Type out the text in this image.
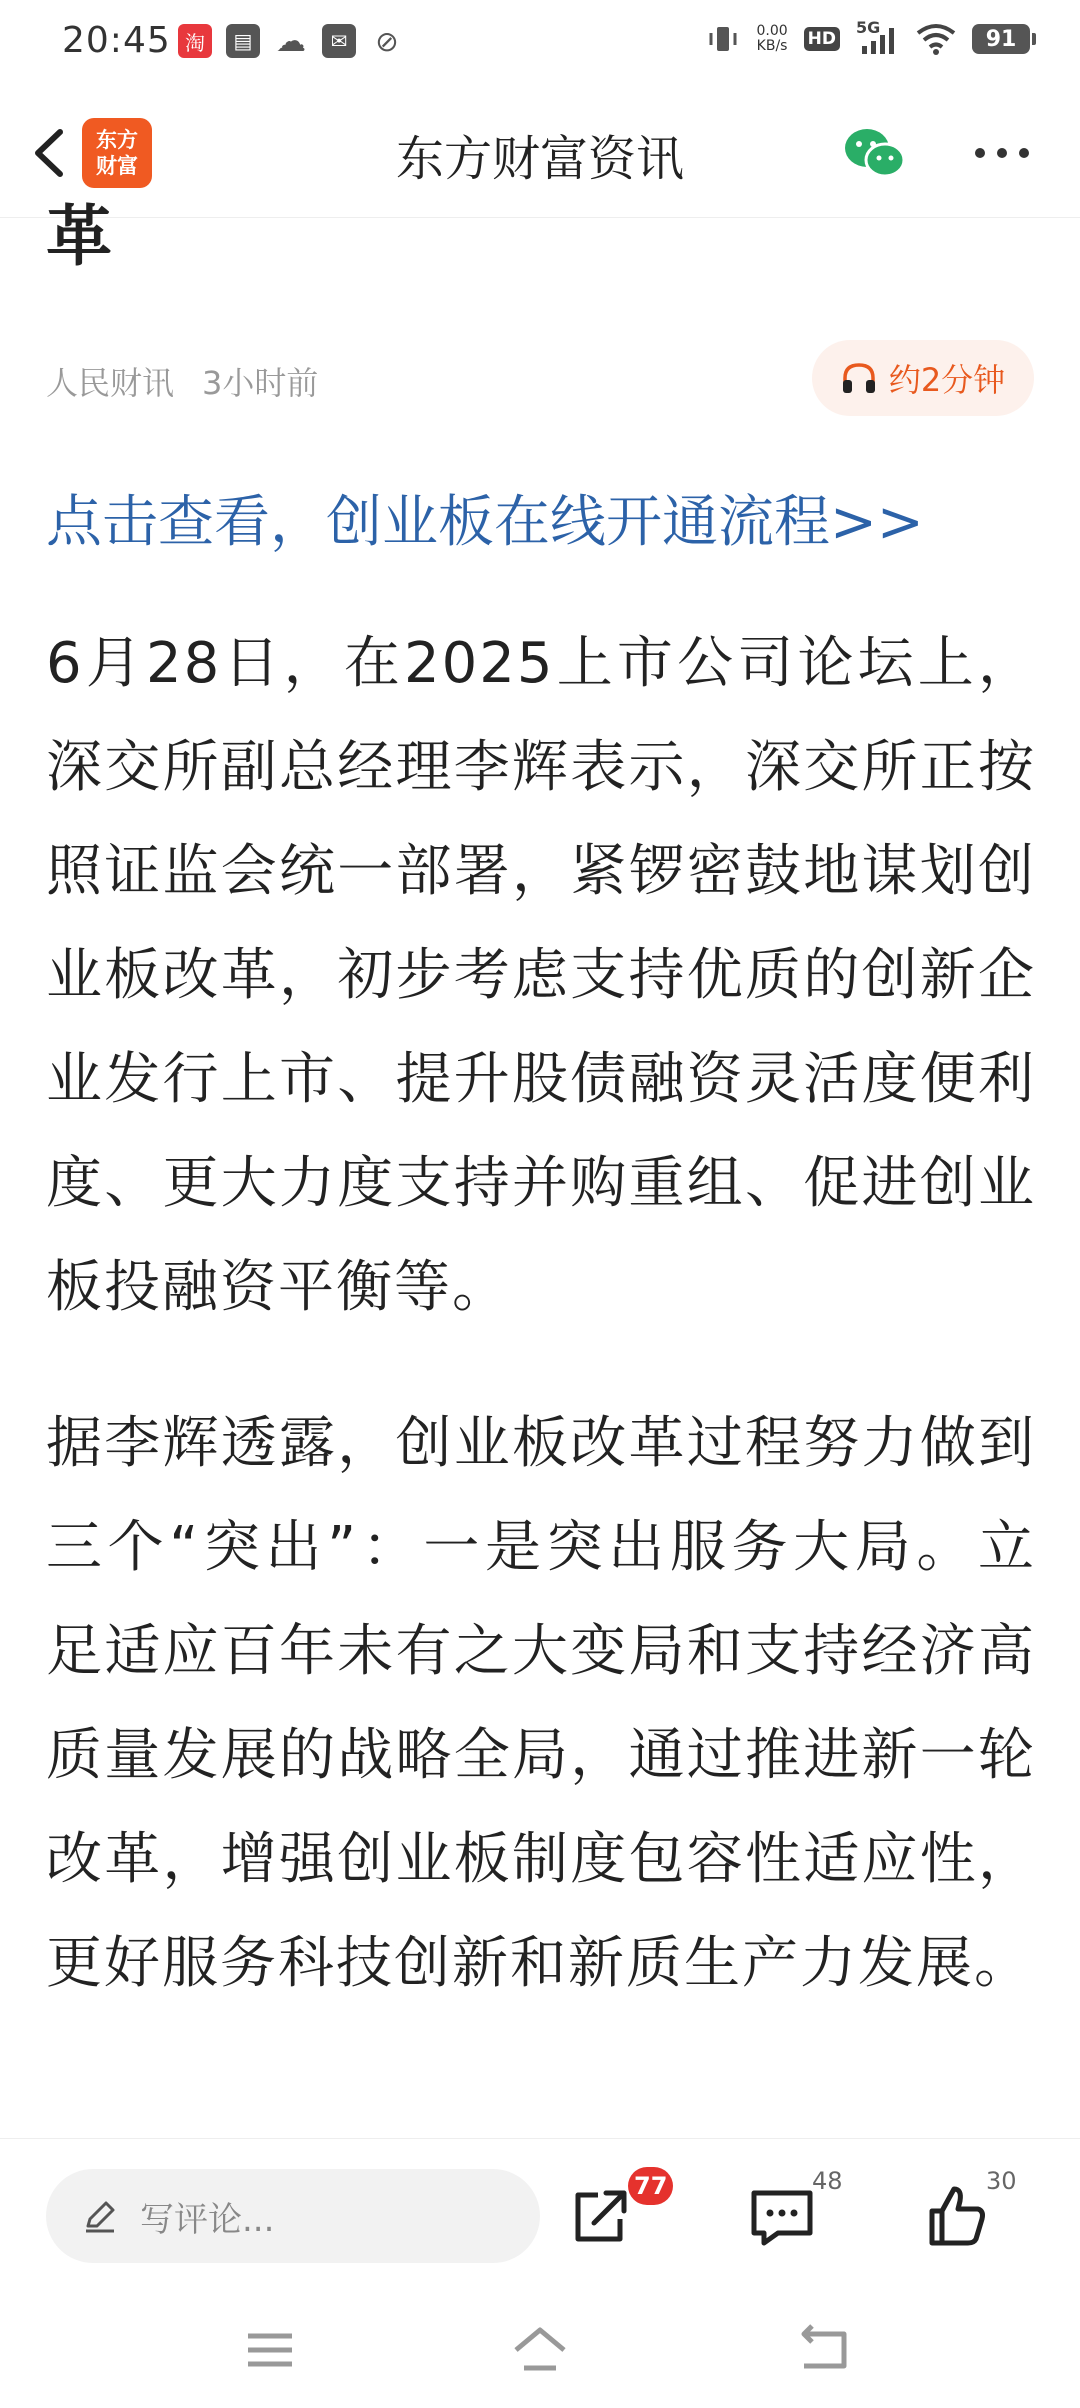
20:45 淘	▤ ☁	✉ ⊘	0.00
KB/s HD
5G	91
东方
财富	东方财富资讯
革
人民财讯 3小时前	约2分钟
点击查看，创业板在线开通流程>>

6月28日，在2025上市公司论坛上，深交所副总经理李辉表示，深交所正按照证监会统一部署，紧锣密鼓地谋划创业板改革，初步考虑支持优质的创新企业发行上市、提升股债融资灵活度便利度、更大力度支持并购重组、促进创业板投融资平衡等。

据李辉透露，创业板改革过程努力做到三个“突出”：一是突出服务大局。立足适应百年未有之大变局和支持经济高质量发展的战略全局，通过推进新一轮改革，增强创业板制度包容性适应性，更好服务科技创新和新质生产力发展。

写评论...
77	48	30
